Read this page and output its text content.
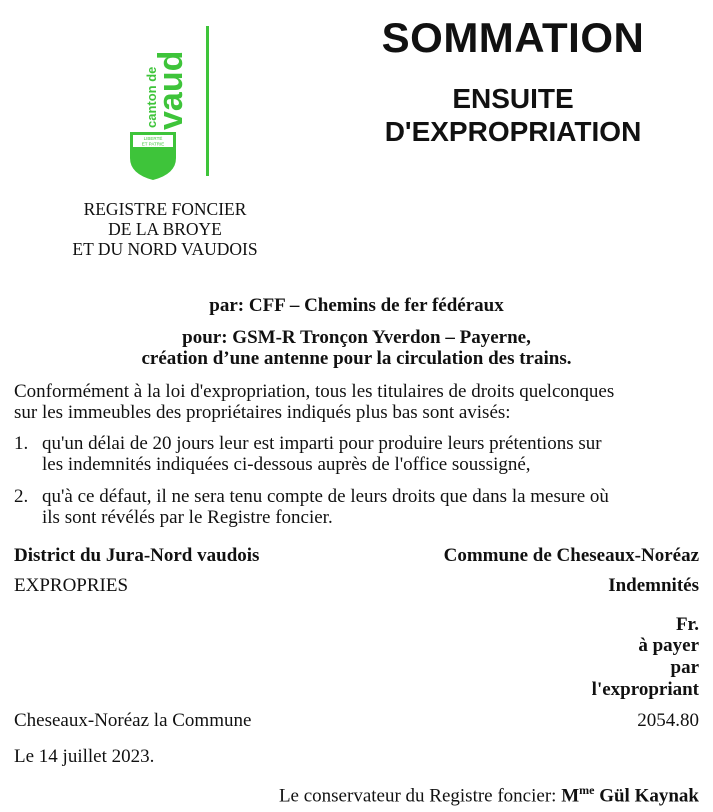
canton de
vaud
LIBERTÉ
ET PATRIE
SOMMATION
ENSUITE
D'EXPROPRIATION
REGISTRE FONCIER
DE LA BROYE
ET DU NORD VAUDOIS
par: CFF – Chemins de fer fédéraux
pour: GSM-R Tronçon Yverdon – Payerne,
création d’une antenne pour la circulation des trains.
Conformément à la loi d'expropriation, tous les titulaires de droits quelconques
sur les immeubles des propriétaires indiqués plus bas sont avisés:
1. qu'un délai de 20 jours leur est imparti pour produire leurs prétentions sur
les indemnités indiquées ci-dessous auprès de l'office soussigné,
2. qu'à ce défaut, il ne sera tenu compte de leurs droits que dans la mesure où
ils sont révélés par le Registre foncier.
District du Jura-Nord vaudois	Commune de Cheseaux-Noréaz
EXPROPRIES	Indemnités
Fr.
à payer
par
l'expropriant
Cheseaux-Noréaz la Commune	2054.80
Le 14 juillet 2023.
Le conservateur du Registre foncier: $M^{me}$ Gül Kaynak
